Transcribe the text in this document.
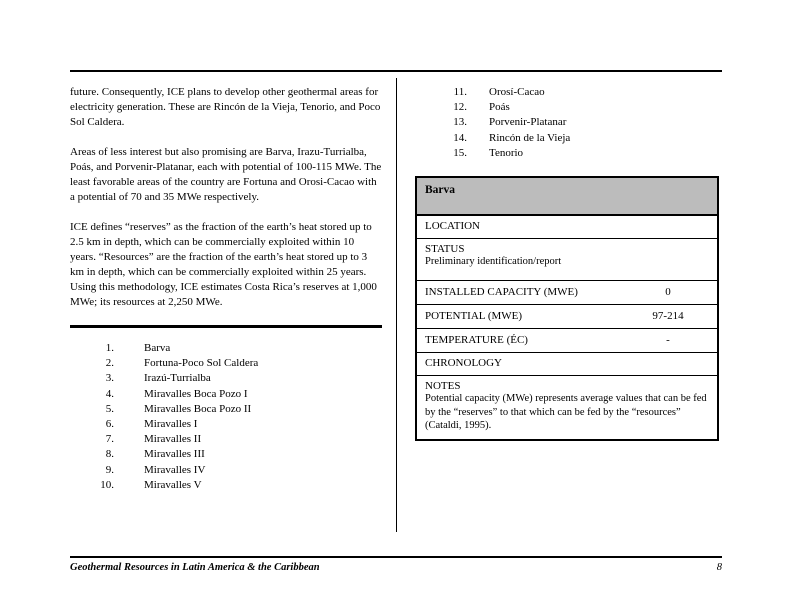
future. Consequently, ICE plans to develop other geothermal areas for electricity generation. These are Rincón de la Vieja, Tenorio, and Poco Sol Caldera.

Areas of less interest but also promising are Barva, Irazu-Turrialba, Poás, and Porvenir-Platanar, each with potential of 100-115 MWe. The least favorable areas of the country are Fortuna and Orosi-Cacao with a potential of 70 and 35 MWe respectively.

ICE defines “reserves” as the fraction of the earth’s heat stored up to 2.5 km in depth, which can be commercially exploited within 10 years. “Resources” are the fraction of the earth’s heat stored up to 3 km in depth, which can be commercially exploited within 25 years. Using this methodology, ICE estimates Costa Rica’s reserves at 1,000 MWe; its resources at 2,250 MWe.

1.	Barva
2.	Fortuna-Poco Sol Caldera
3.	Irazú-Turrialba
4.	Miravalles Boca Pozo I
5.	Miravalles Boca Pozo II
6.	Miravalles I
7.	Miravalles II
8.	Miravalles III
9.	Miravalles IV
10.	Miravalles V
11. Orosí-Cacao
12. Poás
13. Porvenir-Platanar
14. Rincón de la Vieja
15. Tenorio
Barva
LOCATION
STATUS
Preliminary identification/report
INSTALLED CAPACITY (MWE)	0
POTENTIAL (MWE)	97-214
TEMPERATURE (ÉC)	-
CHRONOLOGY
NOTES
Potential capacity (MWe) represents average values that can be fed by the “reserves” to that which can be fed by the “resources” (Cataldi, 1995).
Geothermal Resources in Latin America & the Caribbean	8
